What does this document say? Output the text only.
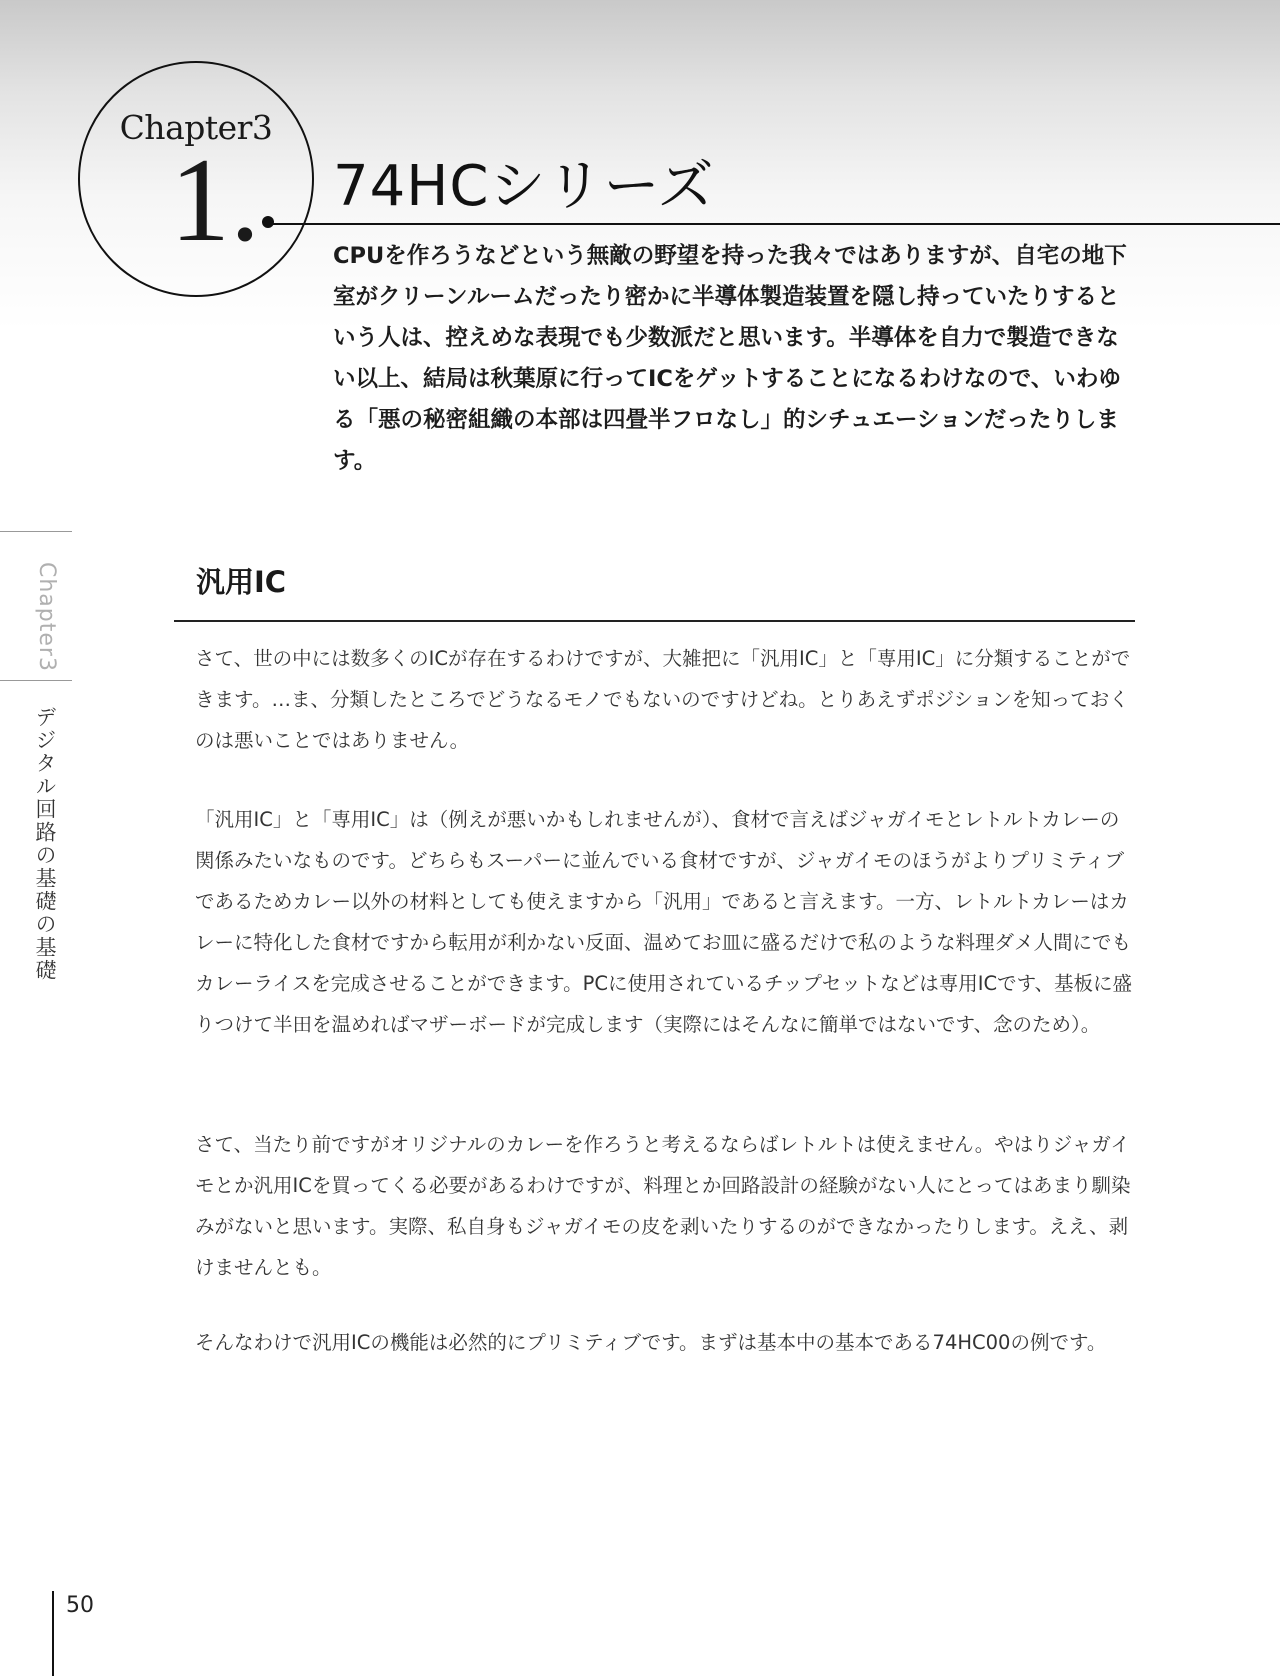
Chapter3
1. 74HCシリーズ

CPUを作ろうなどという無敵の野望を持った我々ではありますが、自宅の地下室がクリーンルームだったり密かに半導体製造装置を隠し持っていたりするという人は、控えめな表現でも少数派だと思います。半導体を自力で製造できない以上、結局は秋葉原に行ってICをゲットすることになるわけなので、いわゆる「悪の秘密組織の本部は四畳半フロなし」的シチュエーションだったりします。

Chapter3
デジタル回路の基礎の基礎
汎用IC

さて、世の中には数多くのICが存在するわけですが、大雑把に「汎用IC」と「専用IC」に分類することができます。…ま、分類したところでどうなるモノでもないのですけどね。とりあえずポジションを知っておくのは悪いことではありません。

「汎用IC」と「専用IC」は（例えが悪いかもしれませんが）、食材で言えばジャガイモとレトルトカレーの関係みたいなものです。どちらもスーパーに並んでいる食材ですが、ジャガイモのほうがよりプリミティブであるためカレー以外の材料としても使えますから「汎用」であると言えます。一方、レトルトカレーはカレーに特化した食材ですから転用が利かない反面、温めてお皿に盛るだけで私のような料理ダメ人間にでもカレーライスを完成させることができます。PCに使用されているチップセットなどは専用ICです、基板に盛りつけて半田を温めればマザーボードが完成します（実際にはそんなに簡単ではないです、念のため）。

さて、当たり前ですがオリジナルのカレーを作ろうと考えるならばレトルトは使えません。やはりジャガイモとか汎用ICを買ってくる必要があるわけですが、料理とか回路設計の経験がない人にとってはあまり馴染みがないと思います。実際、私自身もジャガイモの皮を剥いたりするのができなかったりします。ええ、剥けませんとも。

そんなわけで汎用ICの機能は必然的にプリミティブです。まずは基本中の基本である74HC00の例です。

50
